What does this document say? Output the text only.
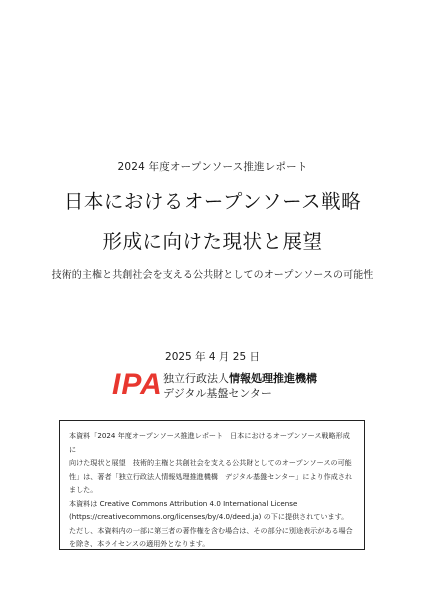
2024 年度オープンソース推進レポート
日本におけるオープンソース戦略
形成に向けた現状と展望
技術的主権と共創社会を支える公共財としてのオープンソースの可能性
2025 年 4 月 25 日
IPA 独立行政法人情報処理推進機構
デジタル基盤センター

本資料「2024 年度オープンソース推進レポート　日本におけるオープンソース戦略形成に

向けた現状と展望　技術的主権と共創社会を支える公共財としてのオープンソースの可能

性」は、著者「独立行政法人情報処理推進機構　デジタル基盤センター」により作成され

ました。

本資料は Creative Commons Attribution 4.0 International License

(https://creativecommons.org/licenses/by/4.0/deed.ja) の下に提供されています。

ただし、本資料内の一部に第三者の著作権を含む場合は、その部分に別途表示がある場合

を除き、本ライセンスの適用外となります。
